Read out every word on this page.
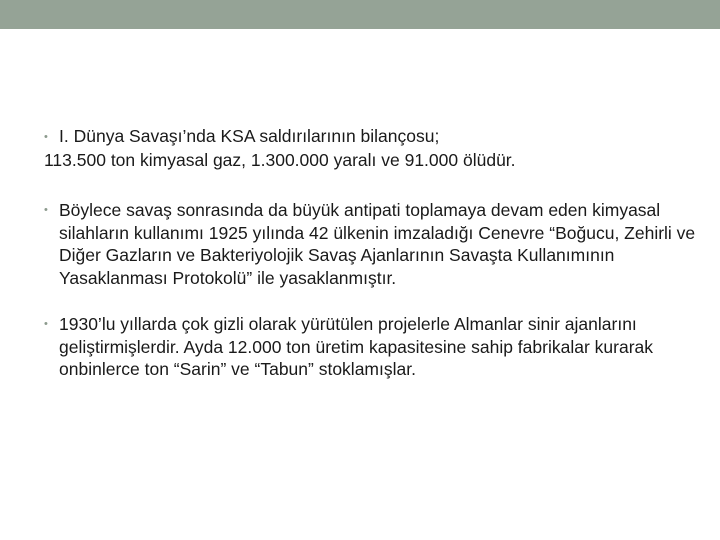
• I. Dünya Savaşı’nda KSA saldırılarının bilançosu;
113.500 ton kimyasal gaz, 1.300.000 yaralı ve 91.000 ölüdür.

• Böylece savaş sonrasında da büyük antipati toplamaya devam eden kimyasal silahların kullanımı 1925 yılında 42 ülkenin imzaladığı Cenevre “Boğucu, Zehirli ve Diğer Gazların ve Bakteriyolojik Savaş Ajanlarının Savaşta Kullanımının Yasaklanması Protokolü” ile yasaklanmıştır.

• 1930’lu yıllarda çok gizli olarak yürütülen projelerle Almanlar sinir ajanlarını geliştirmişlerdir. Ayda 12.000 ton üretim kapasitesine sahip fabrikalar kurarak onbinlerce ton “Sarin” ve “Tabun” stoklamışlar.
